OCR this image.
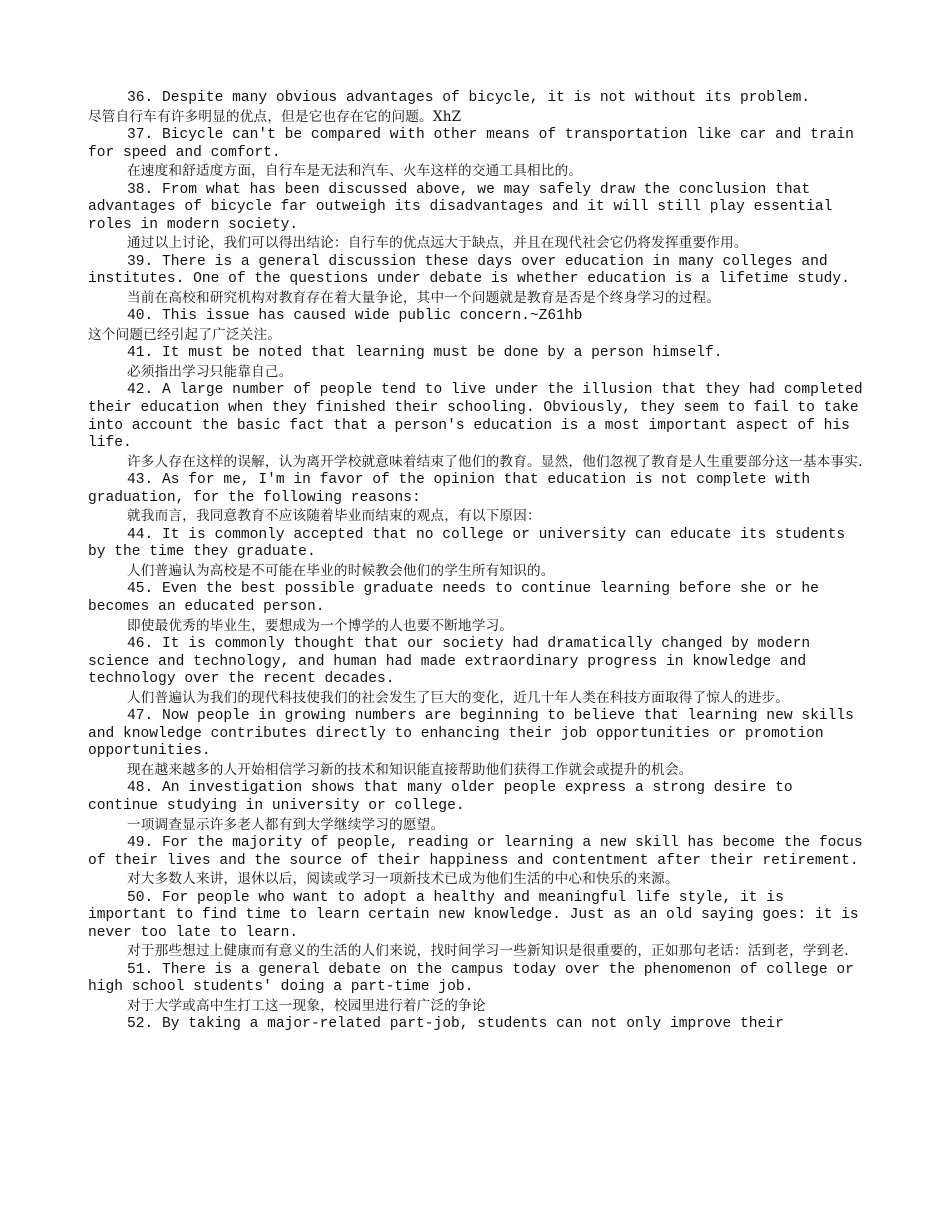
36. Despite many obvious advantages of bicycle, it is not without its problem.

尽管自行车有许多明显的优点，但是它也存在它的问题。XhZ

37. Bicycle can't be compared with other means of transportation like car and train for speed and comfort.

在速度和舒适度方面，自行车是无法和汽车、火车这样的交通工具相比的。

38. From what has been discussed above, we may safely draw the conclusion that advantages of bicycle far outweigh its disadvantages and it will still play essential roles in modern society.

通过以上讨论，我们可以得出结论：自行车的优点远大于缺点，并且在现代社会它仍将发挥重要作用。

39. There is a general discussion these days over education in many colleges and institutes. One of the questions under debate is whether education is a lifetime study.

当前在高校和研究机构对教育存在着大量争论，其中一个问题就是教育是否是个终身学习的过程。

40. This issue has caused wide public concern.~Z61hb

这个问题已经引起了广泛关注。

41. It must be noted that learning must be done by a person himself.

必须指出学习只能靠自己。

42. A large number of people tend to live under the illusion that they had completed their education when they finished their schooling. Obviously, they seem to fail to take into account the basic fact that a person's education is a most important aspect of his life.

许多人存在这样的误解，认为离开学校就意味着结束了他们的教育。显然，他们忽视了教育是人生重要部分这一基本事实.

43. As for me, I'm in favor of the opinion that education is not complete with graduation, for the following reasons:

就我而言，我同意教育不应该随着毕业而结束的观点，有以下原因：

44. It is commonly accepted that no college or university can educate its students by the time they graduate.

人们普遍认为高校是不可能在毕业的时候教会他们的学生所有知识的。

45. Even the best possible graduate needs to continue learning before she or he becomes an educated person.

即使最优秀的毕业生，要想成为一个博学的人也要不断地学习。

46. It is commonly thought that our society had dramatically changed by modern science and technology, and human had made extraordinary progress in knowledge and technology over the recent decades.

人们普遍认为我们的现代科技使我们的社会发生了巨大的变化，近几十年人类在科技方面取得了惊人的进步。

47. Now people in growing numbers are beginning to believe that learning new skills and knowledge contributes directly to enhancing their job opportunities or promotion opportunities.

现在越来越多的人开始相信学习新的技术和知识能直接帮助他们获得工作就会或提升的机会。

48. An investigation shows that many older people express a strong desire to continue studying in university or college.

一项调查显示许多老人都有到大学继续学习的愿望。

49. For the majority of people, reading or learning a new skill has become the focus of their lives and the source of their happiness and contentment after their retirement.

对大多数人来讲，退休以后，阅读或学习一项新技术已成为他们生活的中心和快乐的来源。

50. For people who want to adopt a healthy and meaningful life style, it is important to find time to learn certain new knowledge. Just as an old saying goes: it is never too late to learn.

对于那些想过上健康而有意义的生活的人们来说，找时间学习一些新知识是很重要的，正如那句老话：活到老，学到老.

51. There is a general debate on the campus today over the phenomenon of college or high school students' doing a part-time job.

对于大学或高中生打工这一现象，校园里进行着广泛的争论

52. By taking a major-related part-job, students can not only improve their
